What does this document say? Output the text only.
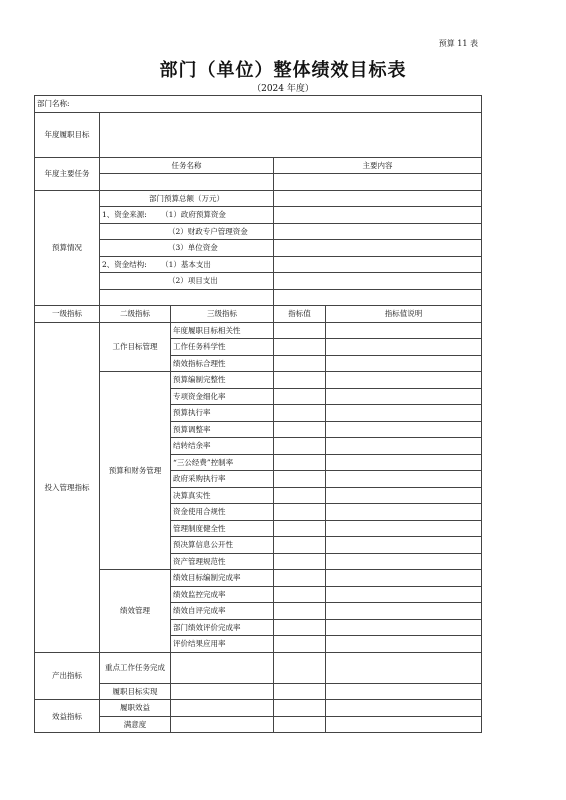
预算 11 表
部门（单位）整体绩效目标表
（2024 年度）
部门名称:				
年度履职目标				
年度主要任务	任务名称		主要内容	

预算情况	部门预算总额（万元）			
	1、资金来源: （1）政府预算资金			
	（2）财政专户管理资金			
	（3）单位资金			
	2、资金结构: （1）基本支出			
	（2）项目支出			

一级指标	二级指标	三级指标	指标值	指标值说明
投入管理指标	工作目标管理	年度履职目标相关性		
		工作任务科学性		
		绩效指标合理性		
	预算和财务管理	预算编制完整性		
		专项资金细化率		
		预算执行率		
		预算调整率		
		结转结余率		
		“三公经费”控制率		
		政府采购执行率		
		决算真实性		
		资金使用合规性		
		管理制度健全性		
		预决算信息公开性		
		资产管理规范性		
	绩效管理	绩效目标编制完成率		
		绩效监控完成率		
		绩效自评完成率		
		部门绩效评价完成率		
		评价结果应用率		
产出指标	重点工作任务完成			
	履职目标实现			
效益指标	履职效益			
	满意度			
